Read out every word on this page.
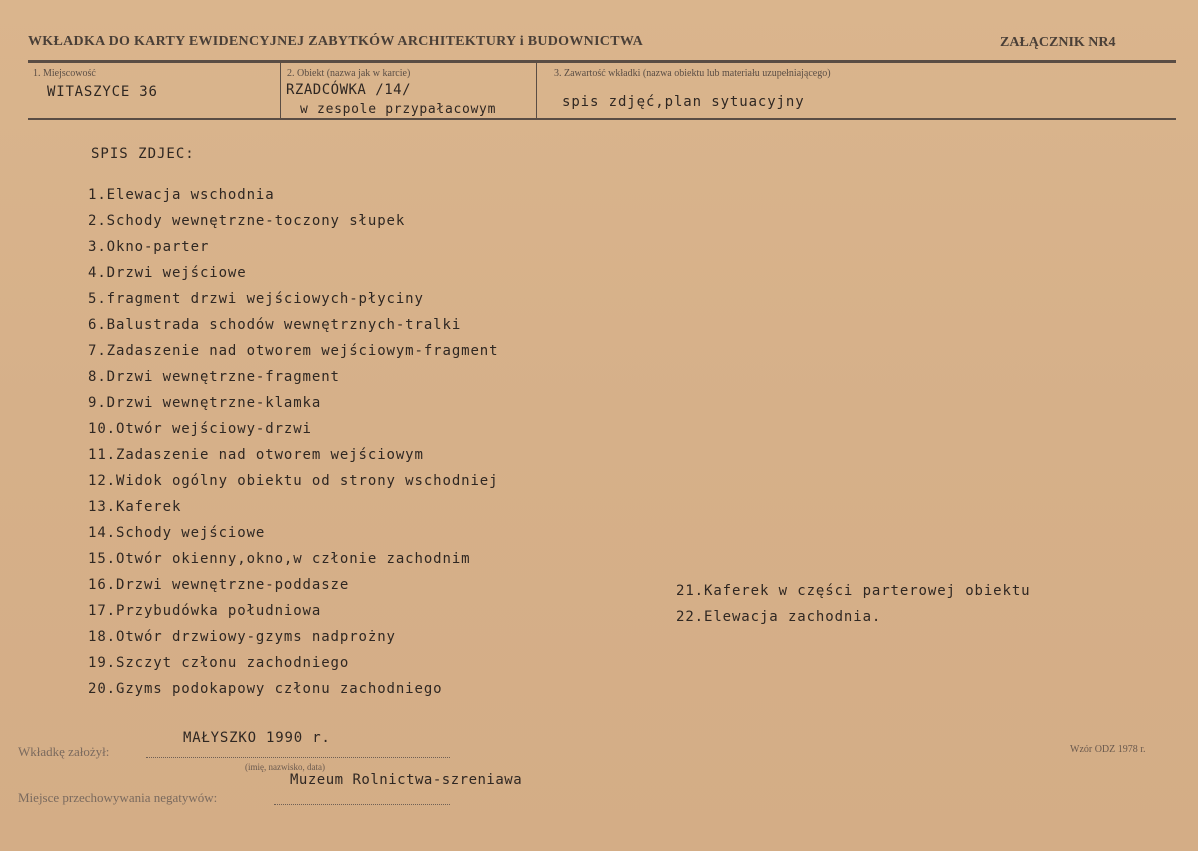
WKŁADKA DO KARTY EWIDENCYJNEJ ZABYTKÓW ARCHITEKTURY i BUDOWNICTWA	ZAŁĄCZNIK NR4
1. Miejscowość
WITASZYCE 36
2. Obiekt (nazwa jak w karcie)
RZADCÓWKA /14/
w zespole przypałacowym
3. Zawartość wkładki (nazwa obiektu lub materiału uzupełniającego)
spis zdjęć,plan sytuacyjny
SPIS ZDJEC:
1.Elewacja wschodnia
2.Schody wewnętrzne-toczony słupek
3.Okno-parter
4.Drzwi wejściowe
5.fragment drzwi wejściowych-płyciny
6.Balustrada schodów wewnętrznych-tralki
7.Zadaszenie nad otworem wejściowym-fragment
8.Drzwi wewnętrzne-fragment
9.Drzwi wewnętrzne-klamka
10.Otwór wejściowy-drzwi
11.Zadaszenie nad otworem wejściowym
12.Widok ogólny obiektu od strony wschodniej
13.Kaferek
14.Schody wejściowe
15.Otwór okienny,okno,w członie zachodnim
16.Drzwi wewnętrzne-poddasze
17.Przybudówka południowa
18.Otwór drzwiowy-gzyms nadprożny
19.Szczyt członu zachodniego
20.Gzyms podokapowy członu zachodniego
21.Kaferek w części parterowej obiektu
22.Elewacja zachodnia.
MAŁYSZKO 1990 r.
Wkładkę założył:
(imię, nazwisko, data)
Muzeum Rolnictwa-szreniawa
Miejsce przechowywania negatywów:
Wzór ODZ 1978 r.
